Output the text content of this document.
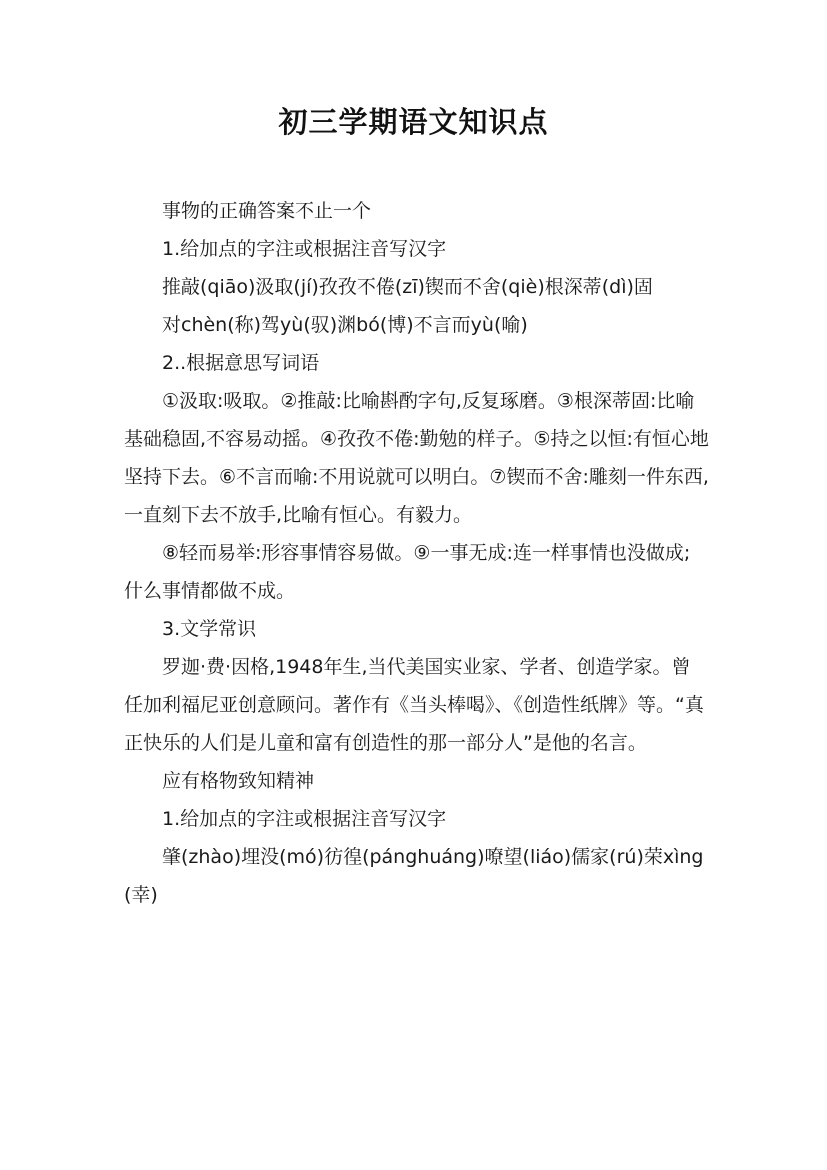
初三学期语文知识点

事物的正确答案不止一个

1.给加点的字注或根据注音写汉字

推敲(qiāo)汲取(jí)孜孜不倦(zī)锲而不舍(qiè)根深蒂(dì)固

对chèn(称)驾yù(驭)渊bó(博)不言而yù(喻)

2..根据意思写词语

①汲取:吸取。②推敲:比喻斟酌字句,反复琢磨。③根深蒂固:比喻基础稳固,不容易动摇。④孜孜不倦:勤勉的样子。⑤持之以恒:有恒心地坚持下去。⑥不言而喻:不用说就可以明白。⑦锲而不舍:雕刻一件东西,一直刻下去不放手,比喻有恒心。有毅力。

⑧轻而易举:形容事情容易做。⑨一事无成:连一样事情也没做成;什么事情都做不成。

3.文学常识

罗迦·费·因格,1948年生,当代美国实业家、学者、创造学家。曾任加利福尼亚创意顾问。著作有《当头棒喝》、《创造性纸牌》等。“真正快乐的人们是儿童和富有创造性的那一部分人”是他的名言。

应有格物致知精神

1.给加点的字注或根据注音写汉字

肇(zhào)埋没(mó)彷徨(pánghuáng)嘹望(liáo)儒家(rú)荣xìng(幸)
